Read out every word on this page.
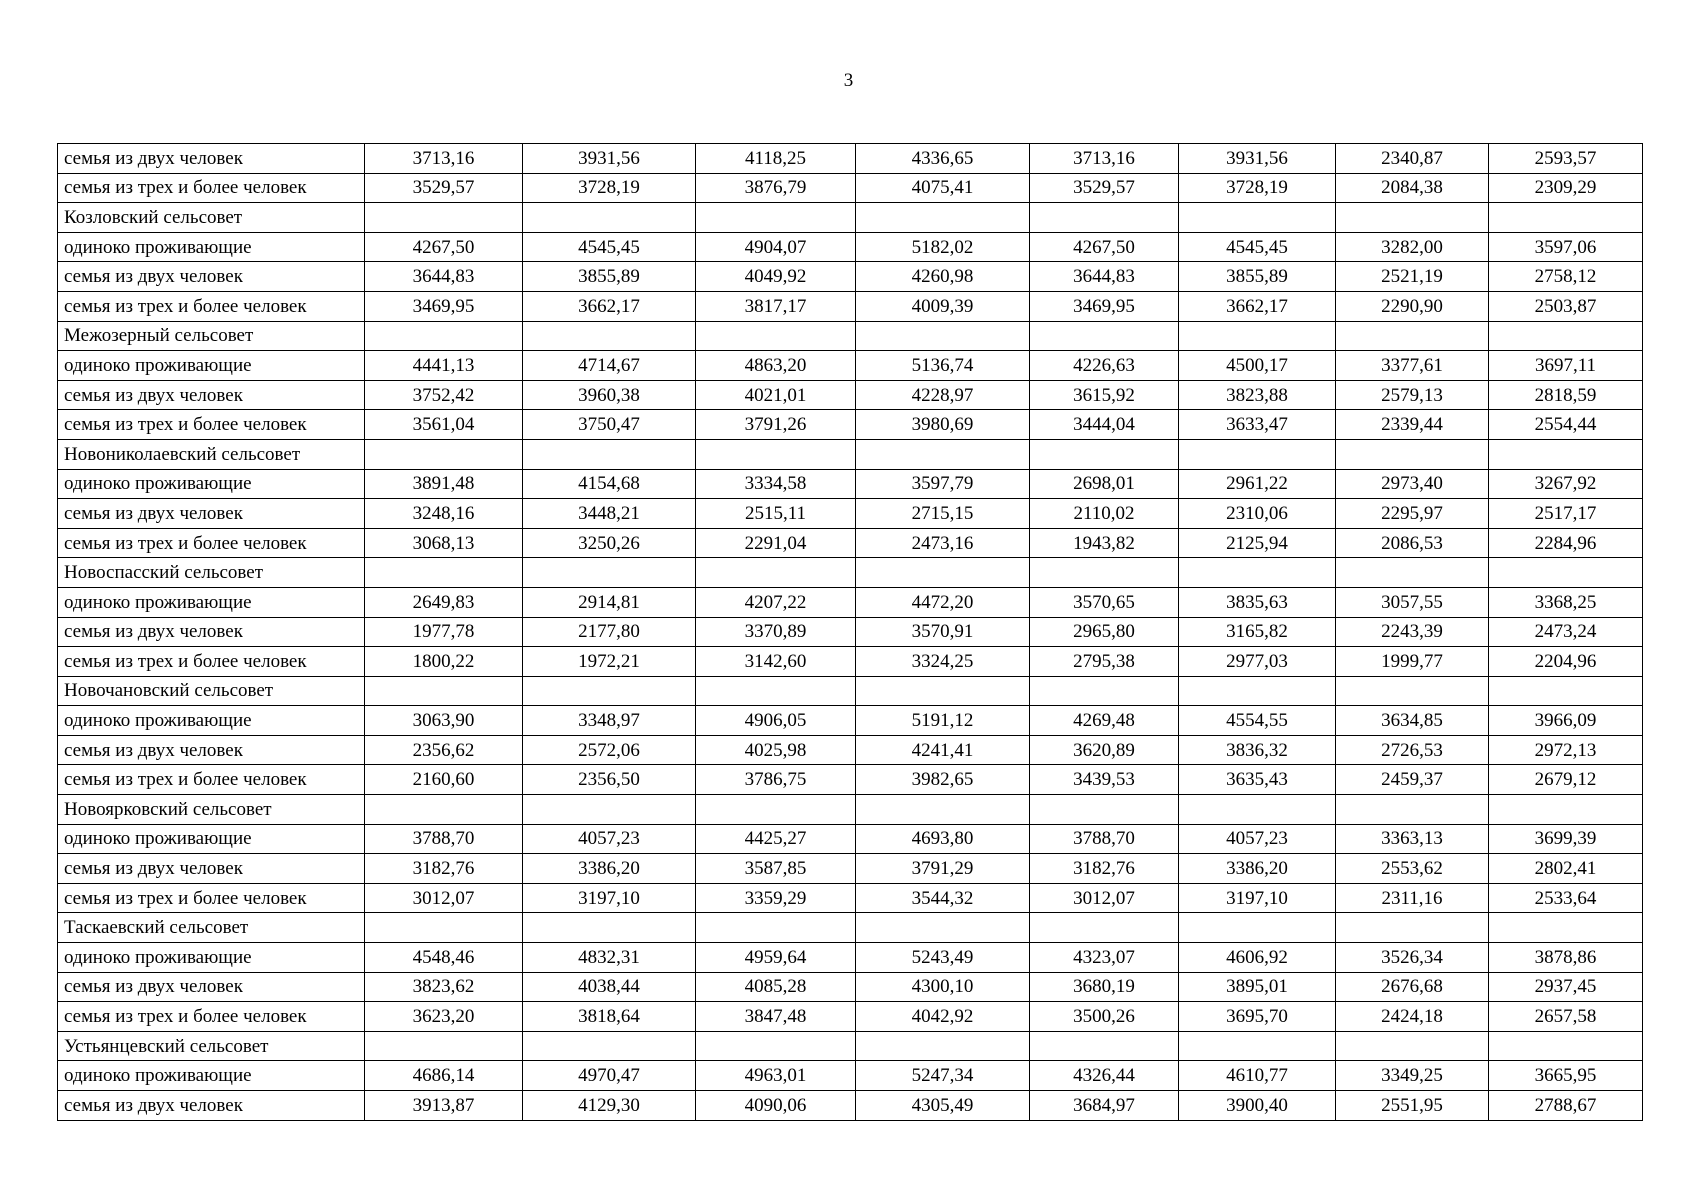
3
семья из двух человек	3713,16	3931,56	4118,25	4336,65	3713,16	3931,56	2340,87	2593,57
семья из трех и более человек	3529,57	3728,19	3876,79	4075,41	3529,57	3728,19	2084,38	2309,29
Козловский сельсовет								
одиноко проживающие	4267,50	4545,45	4904,07	5182,02	4267,50	4545,45	3282,00	3597,06
семья из двух человек	3644,83	3855,89	4049,92	4260,98	3644,83	3855,89	2521,19	2758,12
семья из трех и более человек	3469,95	3662,17	3817,17	4009,39	3469,95	3662,17	2290,90	2503,87
Межозерный сельсовет								
одиноко проживающие	4441,13	4714,67	4863,20	5136,74	4226,63	4500,17	3377,61	3697,11
семья из двух человек	3752,42	3960,38	4021,01	4228,97	3615,92	3823,88	2579,13	2818,59
семья из трех и более человек	3561,04	3750,47	3791,26	3980,69	3444,04	3633,47	2339,44	2554,44
Новониколаевский сельсовет								
одиноко проживающие	3891,48	4154,68	3334,58	3597,79	2698,01	2961,22	2973,40	3267,92
семья из двух человек	3248,16	3448,21	2515,11	2715,15	2110,02	2310,06	2295,97	2517,17
семья из трех и более человек	3068,13	3250,26	2291,04	2473,16	1943,82	2125,94	2086,53	2284,96
Новоспасский сельсовет								
одиноко проживающие	2649,83	2914,81	4207,22	4472,20	3570,65	3835,63	3057,55	3368,25
семья из двух человек	1977,78	2177,80	3370,89	3570,91	2965,80	3165,82	2243,39	2473,24
семья из трех и более человек	1800,22	1972,21	3142,60	3324,25	2795,38	2977,03	1999,77	2204,96
Новочановский сельсовет								
одиноко проживающие	3063,90	3348,97	4906,05	5191,12	4269,48	4554,55	3634,85	3966,09
семья из двух человек	2356,62	2572,06	4025,98	4241,41	3620,89	3836,32	2726,53	2972,13
семья из трех и более человек	2160,60	2356,50	3786,75	3982,65	3439,53	3635,43	2459,37	2679,12
Новоярковский сельсовет								
одиноко проживающие	3788,70	4057,23	4425,27	4693,80	3788,70	4057,23	3363,13	3699,39
семья из двух человек	3182,76	3386,20	3587,85	3791,29	3182,76	3386,20	2553,62	2802,41
семья из трех и более человек	3012,07	3197,10	3359,29	3544,32	3012,07	3197,10	2311,16	2533,64
Таскаевский сельсовет								
одиноко проживающие	4548,46	4832,31	4959,64	5243,49	4323,07	4606,92	3526,34	3878,86
семья из двух человек	3823,62	4038,44	4085,28	4300,10	3680,19	3895,01	2676,68	2937,45
семья из трех и более человек	3623,20	3818,64	3847,48	4042,92	3500,26	3695,70	2424,18	2657,58
Устьянцевский сельсовет								
одиноко проживающие	4686,14	4970,47	4963,01	5247,34	4326,44	4610,77	3349,25	3665,95
семья из двух человек	3913,87	4129,30	4090,06	4305,49	3684,97	3900,40	2551,95	2788,67
